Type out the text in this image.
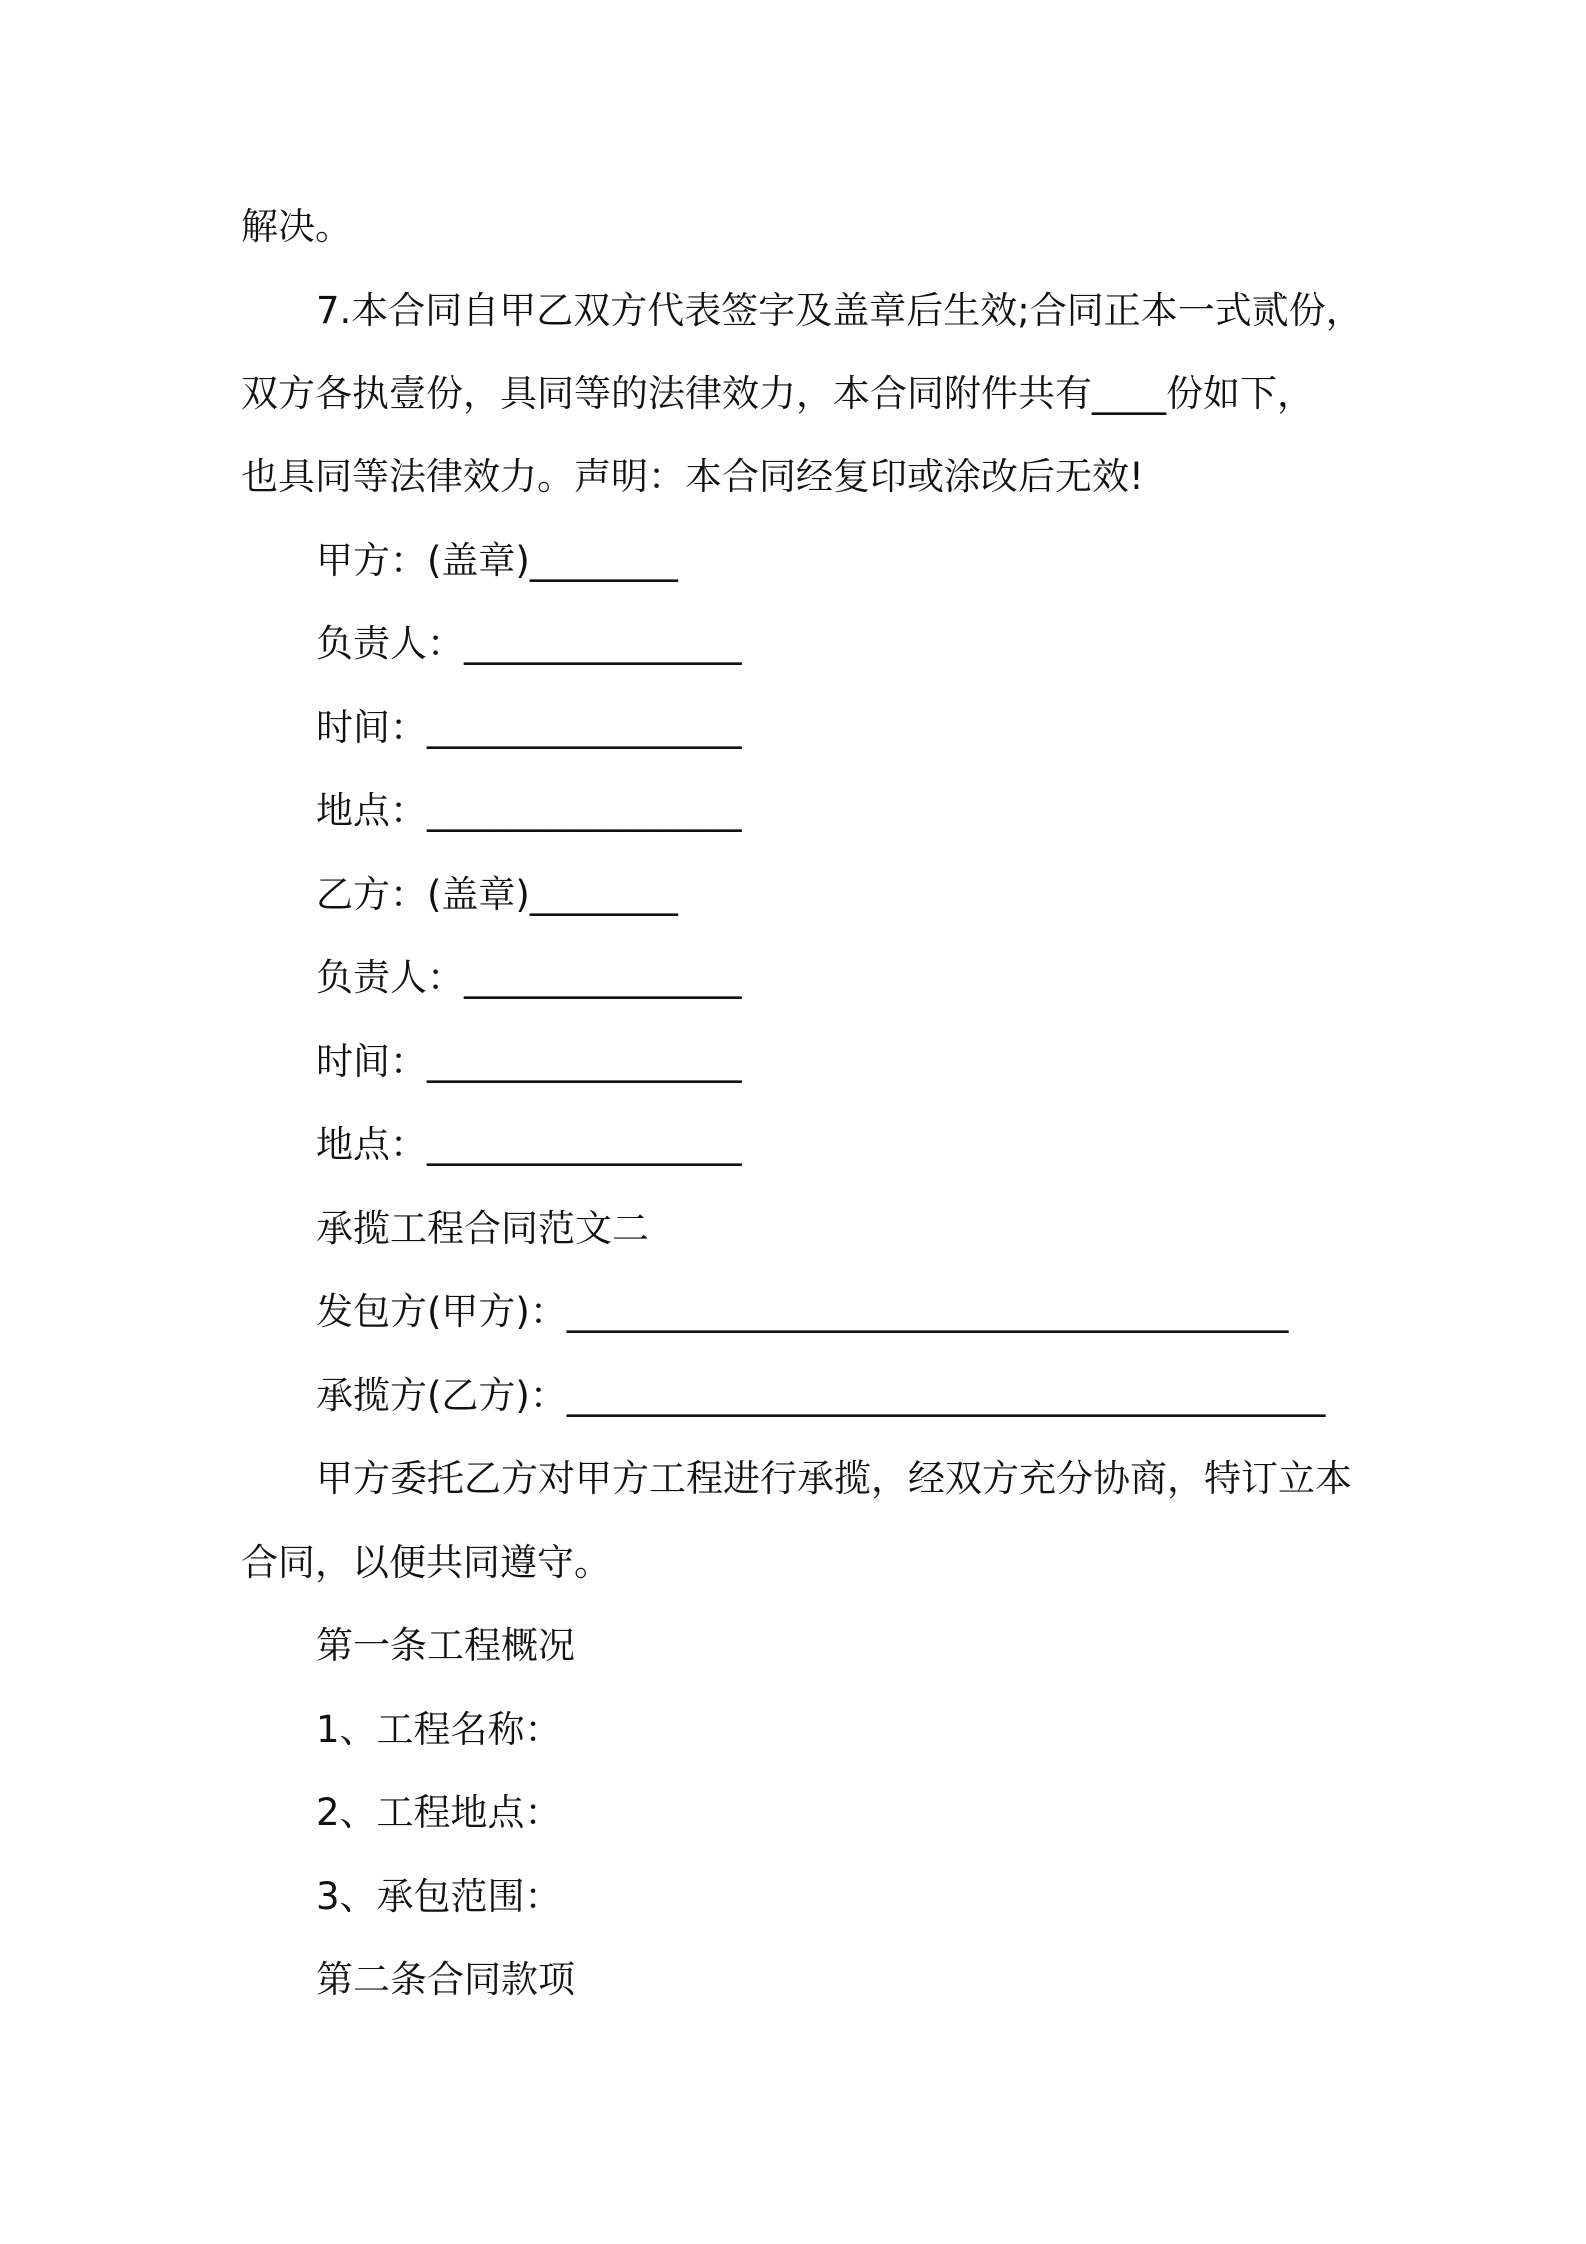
解决。
7.本合同自甲乙双方代表签字及盖章后生效;合同正本一式贰份，
双方各执壹份，具同等的法律效力，本合同附件共有____份如下，
也具同等法律效力。声明：本合同经复印或涂改后无效!
甲方：(盖章)________
负责人：_______________
时间：_________________
地点：_________________
乙方：(盖章)________
负责人：_______________
时间：_________________
地点：_________________
承揽工程合同范文二
发包方(甲方)：_______________________________________
承揽方(乙方)：_________________________________________
甲方委托乙方对甲方工程进行承揽，经双方充分协商，特订立本
合同，以便共同遵守。
第一条工程概况
1、工程名称：
2、工程地点：
3、承包范围：
第二条合同款项
